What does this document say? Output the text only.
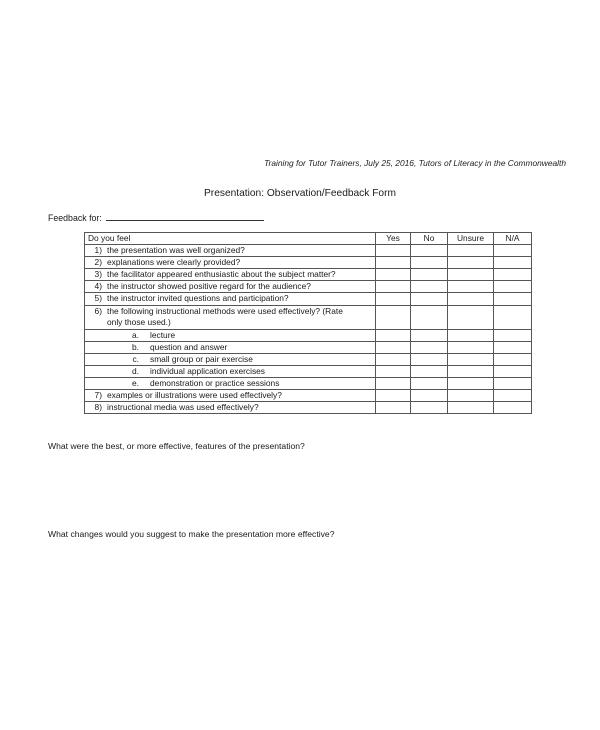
Training for Tutor Trainers, July 25, 2016, Tutors of Literacy in the Commonwealth
Presentation: Observation/Feedback Form
Feedback for:
Do you feel	Yes	No	Unsure	N/A
1) the presentation was well organized?				
2) explanations were clearly provided?				
3) the facilitator appeared enthusiastic about the subject matter?				
4) the instructor showed positive regard for the audience?				
5) the instructor invited questions and participation?				
6) the following instructional methods were used effectively? (Rate
only those used.)				
a. lecture				
b. question and answer				
c. small group or pair exercise				
d. individual application exercises				
e. demonstration or practice sessions				
7) examples or illustrations were used effectively?				
8) instructional media was used effectively?				
What were the best, or more effective, features of the presentation?
What changes would you suggest to make the presentation more effective?
